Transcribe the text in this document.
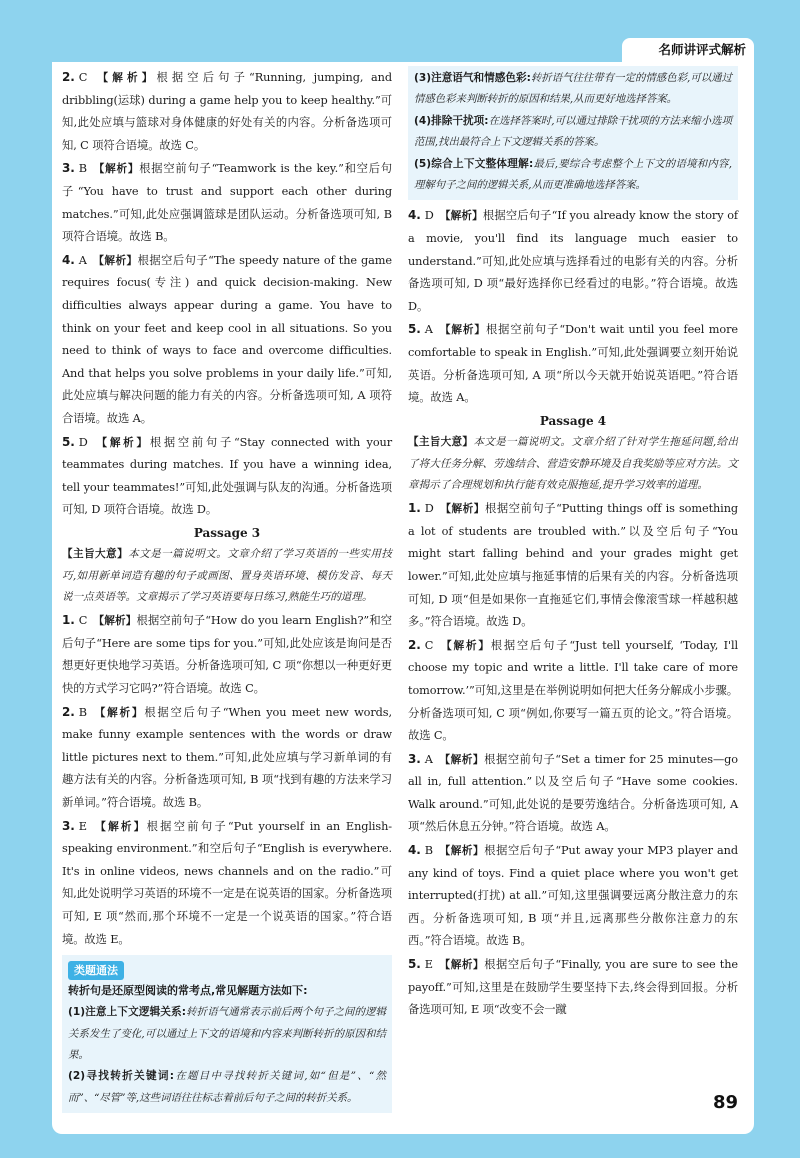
名师讲评式解析

2. C 【解析】根据空后句子“Running, jumping, and dribbling(运球) during a game help you to keep healthy.”可知,此处应填与篮球对身体健康的好处有关的内容。分析备选项可知, C 项符合语境。故选 C。

3. B 【解析】根据空前句子“Teamwork is the key.”和空后句子“You have to trust and support each other during matches.”可知,此处应强调篮球是团队运动。分析备选项可知, B 项符合语境。故选 B。

4. A 【解析】根据空后句子“The speedy nature of the game requires focus(专注) and quick decision-making. New difficulties always appear during a game. You have to think on your feet and keep cool in all situations. So you need to think of ways to face and overcome difficulties. And that helps you solve problems in your daily life.”可知,此处应填与解决问题的能力有关的内容。分析备选项可知, A 项符合语境。故选 A。

5. D 【解析】根据空前句子“Stay connected with your teammates during matches. If you have a winning idea, tell your teammates!”可知,此处强调与队友的沟通。分析备选项可知, D 项符合语境。故选 D。

Passage 3

【主旨大意】本文是一篇说明文。文章介绍了学习英语的一些实用技巧,如用新单词造有趣的句子或画图、置身英语环境、模仿发音、每天说一点英语等。文章揭示了学习英语要每日练习,熟能生巧的道理。

1. C 【解析】根据空前句子“How do you learn English?”和空后句子“Here are some tips for you.”可知,此处应该是询问是否想更好更快地学习英语。分析备选项可知, C 项“你想以一种更好更快的方式学习它吗?”符合语境。故选 C。

2. B 【解析】根据空后句子“When you meet new words, make funny example sentences with the words or draw little pictures next to them.”可知,此处应填与学习新单词的有趣方法有关的内容。分析备选项可知, B 项“找到有趣的方法来学习新单词。”符合语境。故选 B。

3. E 【解析】根据空前句子“Put yourself in an English-speaking environment.”和空后句子“English is everywhere. It's in online videos, news channels and on the radio.”可知,此处说明学习英语的环境不一定是在说英语的国家。分析备选项可知, E 项“然而,那个环境不一定是一个说英语的国家。”符合语境。故选 E。

类题通法

转折句是还原型阅读的常考点,常见解题方法如下:

(1)注意上下文逻辑关系:转折语气通常表示前后两个句子之间的逻辑关系发生了变化,可以通过上下文的语境和内容来判断转折的原因和结果。

(2)寻找转折关键词:在题目中寻找转折关键词,如“但是”、“然而”、“尽管”等,这些词语往往标志着前后句子之间的转折关系。

(3)注意语气和情感色彩:转折语气往往带有一定的情感色彩,可以通过情感色彩来判断转折的原因和结果,从而更好地选择答案。

(4)排除干扰项:在选择答案时,可以通过排除干扰项的方法来缩小选项范围,找出最符合上下文逻辑关系的答案。

(5)综合上下文整体理解:最后,要综合考虑整个上下文的语境和内容,理解句子之间的逻辑关系,从而更准确地选择答案。

4. D 【解析】根据空后句子“If you already know the story of a movie, you'll find its language much easier to understand.”可知,此处应填与选择看过的电影有关的内容。分析备选项可知, D 项“最好选择你已经看过的电影。”符合语境。故选 D。

5. A 【解析】根据空前句子“Don't wait until you feel more comfortable to speak in English.”可知,此处强调要立刻开始说英语。分析备选项可知, A 项“所以今天就开始说英语吧。”符合语境。故选 A。

Passage 4

【主旨大意】本文是一篇说明文。文章介绍了针对学生拖延问题,给出了将大任务分解、劳逸结合、营造安静环境及自我奖励等应对方法。文章揭示了合理规划和执行能有效克服拖延,提升学习效率的道理。

1. D 【解析】根据空前句子“Putting things off is something a lot of students are troubled with.”以及空后句子“You might start falling behind and your grades might get lower.”可知,此处应填与拖延事情的后果有关的内容。分析备选项可知, D 项“但是如果你一直拖延它们,事情会像滚雪球一样越积越多。”符合语境。故选 D。

2. C 【解析】根据空后句子“Just tell yourself, ‘Today, I'll choose my topic and write a little. I'll take care of more tomorrow.’”可知,这里是在举例说明如何把大任务分解成小步骤。分析备选项可知, C 项“例如,你要写一篇五页的论文。”符合语境。故选 C。

3. A 【解析】根据空前句子“Set a timer for 25 minutes—go all in, full attention.”以及空后句子“Have some cookies. Walk around.”可知,此处说的是要劳逸结合。分析备选项可知, A 项“然后休息五分钟。”符合语境。故选 A。

4. B 【解析】根据空后句子“Put away your MP3 player and any kind of toys. Find a quiet place where you won't get interrupted(打扰) at all.”可知,这里强调要远离分散注意力的东西。分析备选项可知, B 项“并且,远离那些分散你注意力的东西。”符合语境。故选 B。

5. E 【解析】根据空后句子“Finally, you are sure to see the payoff.”可知,这里是在鼓励学生要坚持下去,终会得到回报。分析备选项可知, E 项“改变不会一蹴

89
